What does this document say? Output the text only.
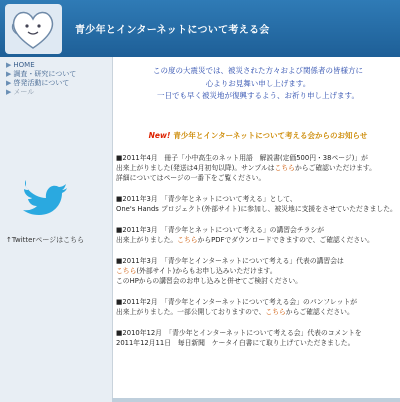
青少年とインターネットについて考える会
▶ HOME
▶ 調査・研究について
▶ 啓発活動について
▶ メール
↑Twitterページはこちら
この度の大震災では、被災された方々および関係者の皆様方に
心よりお見舞い申し上げます。
一日でも早く被災地が復興するよう、お祈り申し上げます。
New! 青少年とインターネットについて考える会からのお知らせ
■2011年4月　冊子「小中高生のネット用語　解説書(定価500円・38ページ)」が
出来上がりました(発送は4月初旬以降)。サンプルはこちらからご確認いただけます。
詳細についてはページの一番下をご覧ください。
■2011年3月　「青少年とネットについて考える」として、
One's Hands プロジェクト(外部サイト)に参加し、被災地に支援をさせていただきました。
■2011年3月　「青少年とネットについて考える」の講習会チラシが
出来上がりました。こちらからPDFでダウンロードできますので、ご確認ください。
■2011年3月　「青少年とインターネットについて考える」代表の講習会は
こちら(外部サイト)からもお申し込みいただけます。
このHPからの講習会のお申し込みと併せてご検討ください。
■2011年2月　「青少年とインターネットについて考える会」のパンフレットが
出来上がりました。一部公開しておりますので、こちらからご確認ください。
■2010年12月　「青少年とインターネットについて考える会」代表のコメントを
2011年12月11日　毎日新聞　ケータイ白書にて取り上げていただきました。
